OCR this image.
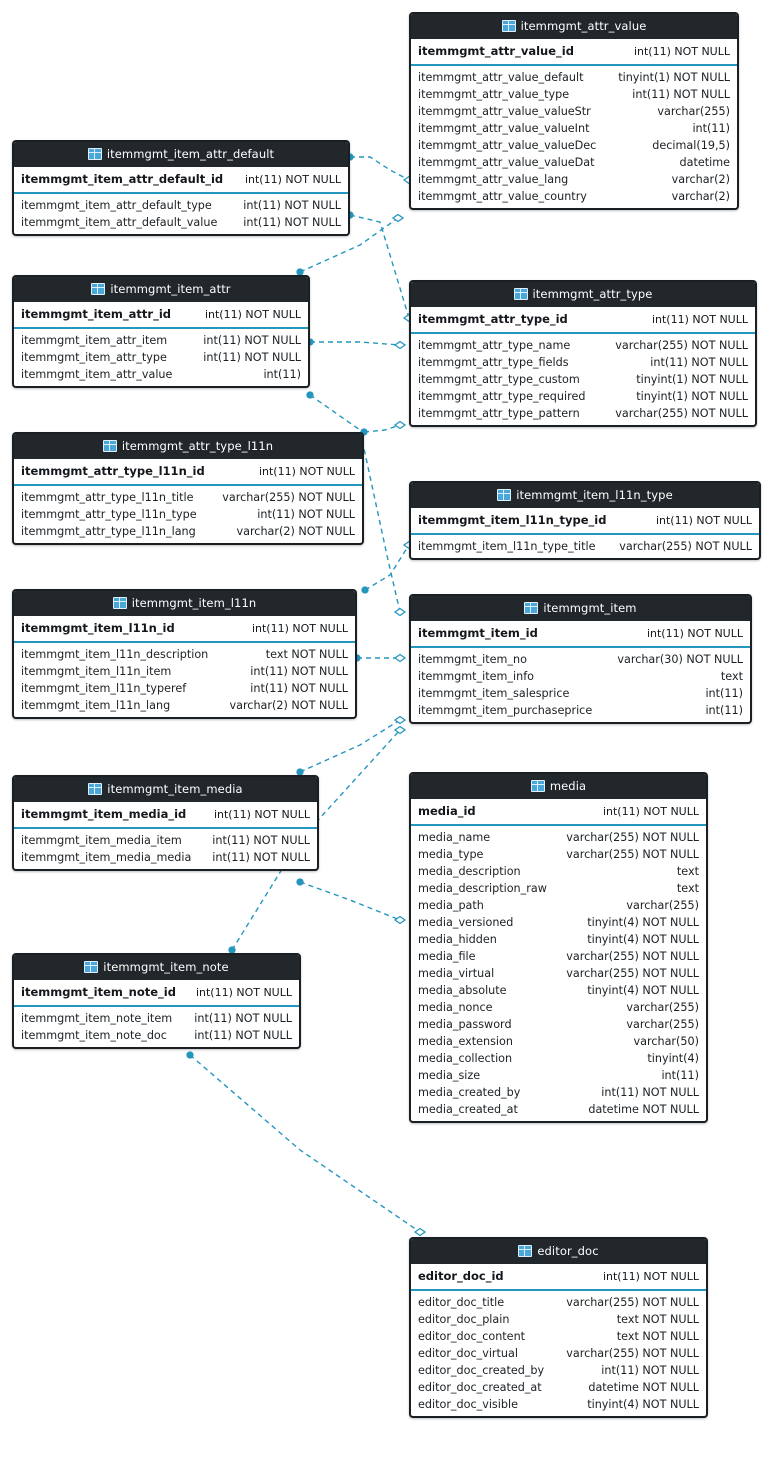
itemmgmt_attr_value
itemmgmt_attr_value_id	int(11) NOT NULL
itemmgmt_attr_value_default	tinyint(1) NOT NULL
itemmgmt_attr_value_type	int(11) NOT NULL
itemmgmt_attr_value_valueStr	varchar(255)
itemmgmt_attr_value_valueInt	int(11)
itemmgmt_attr_value_valueDec	decimal(19,5)
itemmgmt_attr_value_valueDat	datetime
itemmgmt_attr_value_lang	varchar(2)
itemmgmt_attr_value_country	varchar(2)
itemmgmt_item_attr_default
itemmgmt_item_attr_default_id int(11) NOT NULL
itemmgmt_item_attr_default_type	int(11) NOT NULL
itemmgmt_item_attr_default_value int(11) NOT NULL
itemmgmt_attr_type
itemmgmt_attr_type_id	int(11) NOT NULL
itemmgmt_attr_type_name	varchar(255) NOT NULL
itemmgmt_attr_type_fields	int(11) NOT NULL
itemmgmt_attr_type_custom	tinyint(1) NOT NULL
itemmgmt_attr_type_required	tinyint(1) NOT NULL
itemmgmt_attr_type_pattern	varchar(255) NOT NULL
itemmgmt_item_attr
itemmgmt_item_attr_id	int(11) NOT NULL
itemmgmt_item_attr_item	int(11) NOT NULL
itemmgmt_item_attr_type	int(11) NOT NULL
itemmgmt_item_attr_value	int(11)
itemmgmt_attr_type_l11n
itemmgmt_attr_type_l11n_id	int(11) NOT NULL
itemmgmt_attr_type_l11n_title	varchar(255) NOT NULL
itemmgmt_attr_type_l11n_type	int(11) NOT NULL
itemmgmt_attr_type_l11n_lang	varchar(2) NOT NULL
itemmgmt_item_l11n_type
itemmgmt_item_l11n_type_id	int(11) NOT NULL
itemmgmt_item_l11n_type_title varchar(255) NOT NULL
itemmgmt_item_l11n
itemmgmt_item_l11n_id	int(11) NOT NULL
itemmgmt_item_l11n_description	text NOT NULL
itemmgmt_item_l11n_item	int(11) NOT NULL
itemmgmt_item_l11n_typeref	int(11) NOT NULL
itemmgmt_item_l11n_lang	varchar(2) NOT NULL
itemmgmt_item
itemmgmt_item_id	int(11) NOT NULL
itemmgmt_item_no	varchar(30) NOT NULL
itemmgmt_item_info	text
itemmgmt_item_salesprice	int(11)
itemmgmt_item_purchaseprice	int(11)
itemmgmt_item_media
itemmgmt_item_media_id	int(11) NOT NULL
itemmgmt_item_media_item	int(11) NOT NULL
itemmgmt_item_media_media int(11) NOT NULL
media
media_id	int(11) NOT NULL
media_name	varchar(255) NOT NULL
media_type	varchar(255) NOT NULL
media_description	text
media_description_raw	text
media_path	varchar(255)
media_versioned	tinyint(4) NOT NULL
media_hidden	tinyint(4) NOT NULL
media_file	varchar(255) NOT NULL
media_virtual	varchar(255) NOT NULL
media_absolute	tinyint(4) NOT NULL
media_nonce	varchar(255)
media_password	varchar(255)
media_extension	varchar(50)
media_collection	tinyint(4)
media_size	int(11)
media_created_by	int(11) NOT NULL
media_created_at	datetime NOT NULL
itemmgmt_item_note
itemmgmt_item_note_id int(11) NOT NULL
itemmgmt_item_note_item int(11) NOT NULL
itemmgmt_item_note_doc int(11) NOT NULL
editor_doc
editor_doc_id	int(11) NOT NULL
editor_doc_title	varchar(255) NOT NULL
editor_doc_plain	text NOT NULL
editor_doc_content	text NOT NULL
editor_doc_virtual	varchar(255) NOT NULL
editor_doc_created_by	int(11) NOT NULL
editor_doc_created_at	datetime NOT NULL
editor_doc_visible	tinyint(4) NOT NULL
